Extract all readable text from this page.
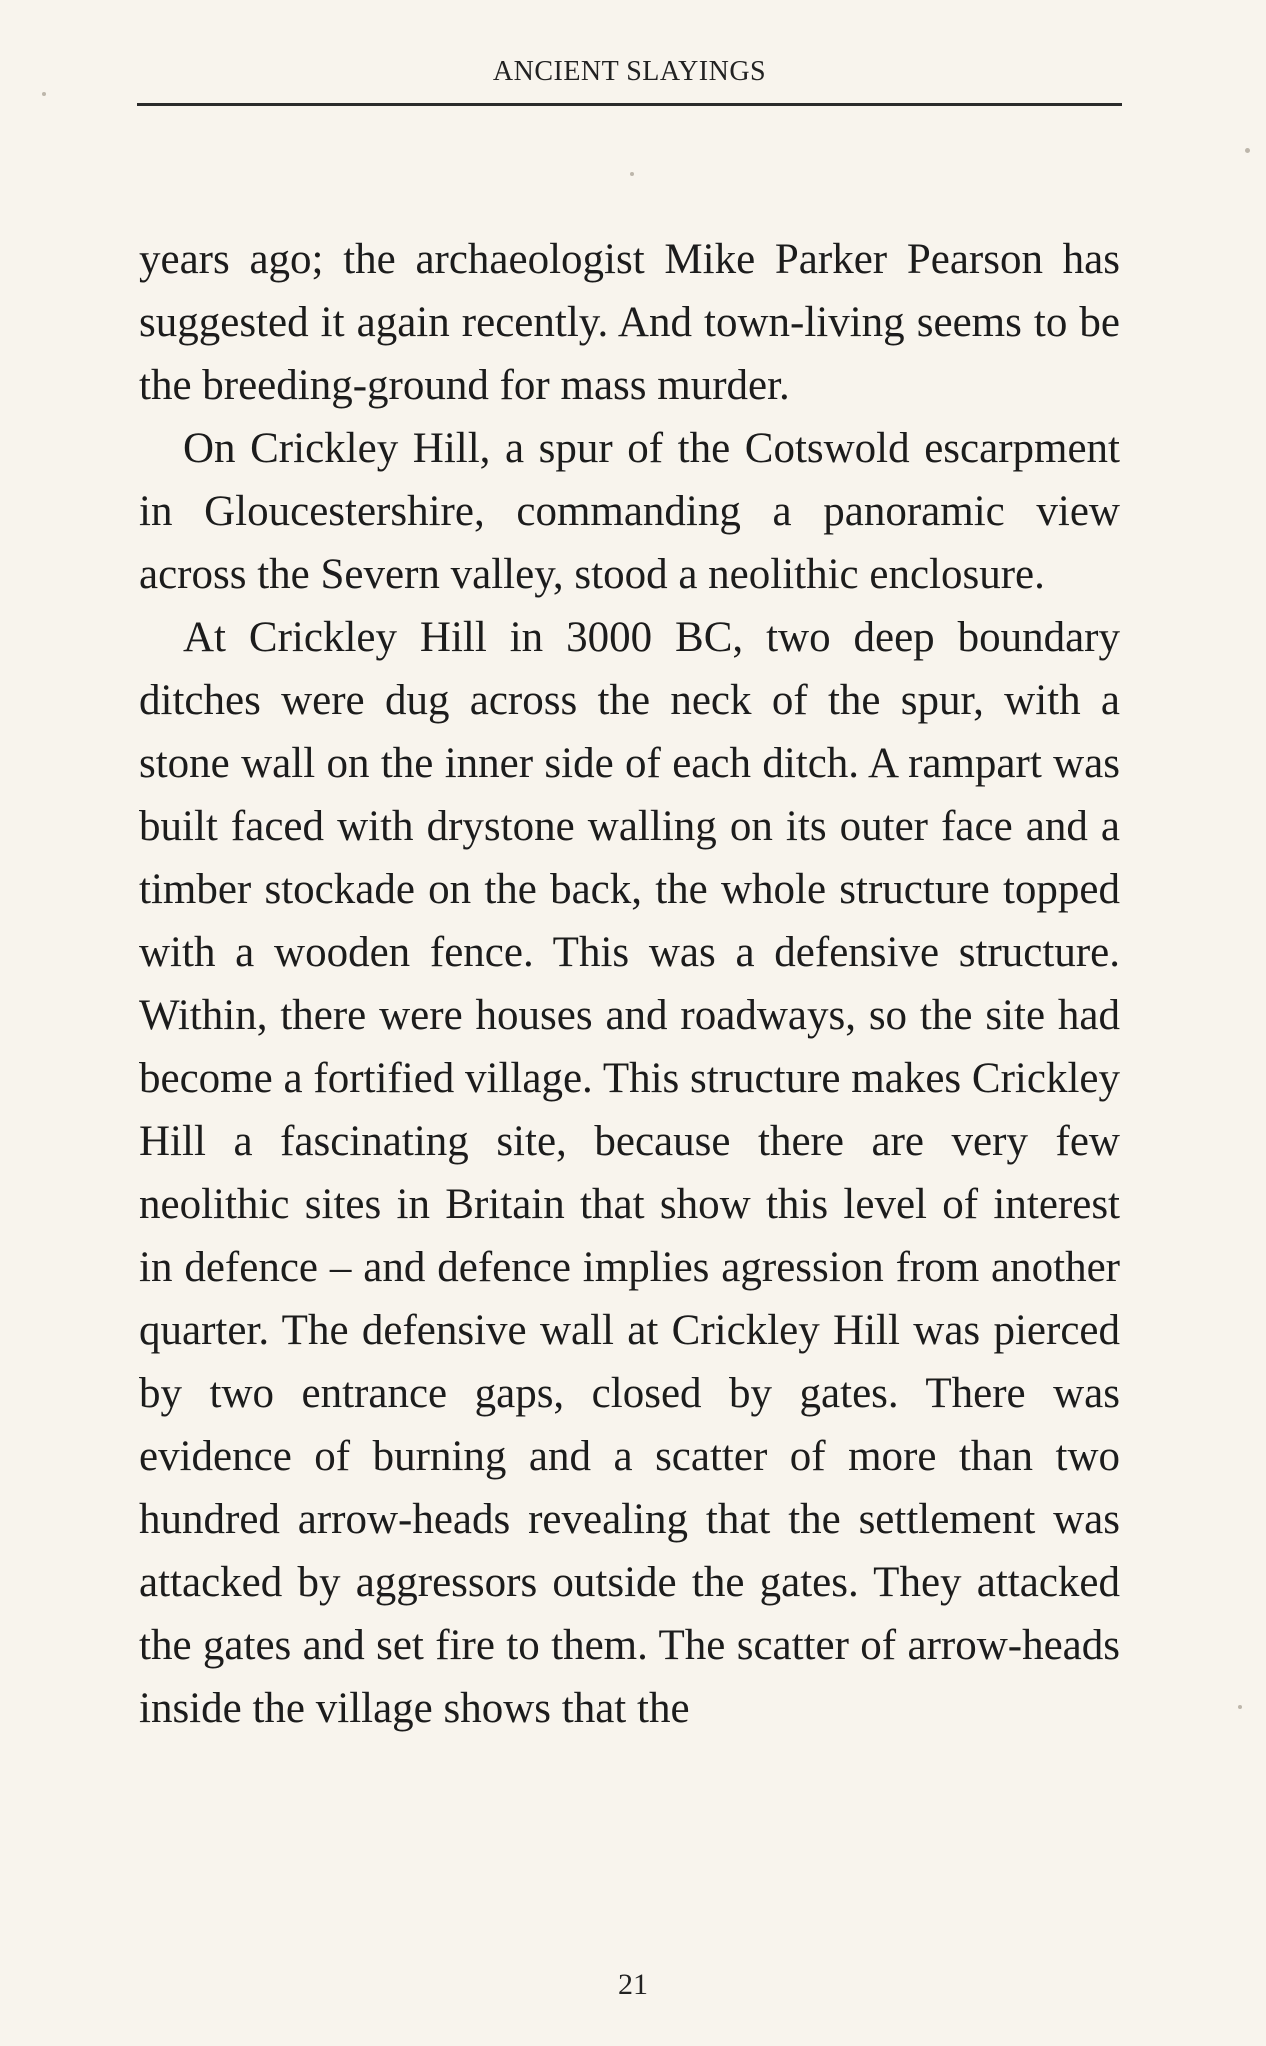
ANCIENT SLAYINGS

years ago; the archaeologist Mike Parker Pearson has suggested it again recently. And town-living seems to be the breeding-ground for mass murder.

On Crickley Hill, a spur of the Cotswold escarpment in Gloucestershire, commanding a panoramic view across the Severn valley, stood a neolithic enclosure.

At Crickley Hill in 3000 BC, two deep boundary ditches were dug across the neck of the spur, with a stone wall on the inner side of each ditch. A rampart was built faced with drystone walling on its outer face and a timber stockade on the back, the whole structure topped with a wooden fence. This was a defensive structure. Within, there were houses and roadways, so the site had become a fortified village. This structure makes Crickley Hill a fascinating site, because there are very few neolithic sites in Britain that show this level of interest in defence – and defence implies agression from another quarter. The defensive wall at Crickley Hill was pierced by two entrance gaps, closed by gates. There was evidence of burning and a scatter of more than two hundred arrow-heads revealing that the settlement was attacked by aggressors outside the gates. They attacked the gates and set fire to them. The scatter of arrow-heads inside the village shows that the

21
